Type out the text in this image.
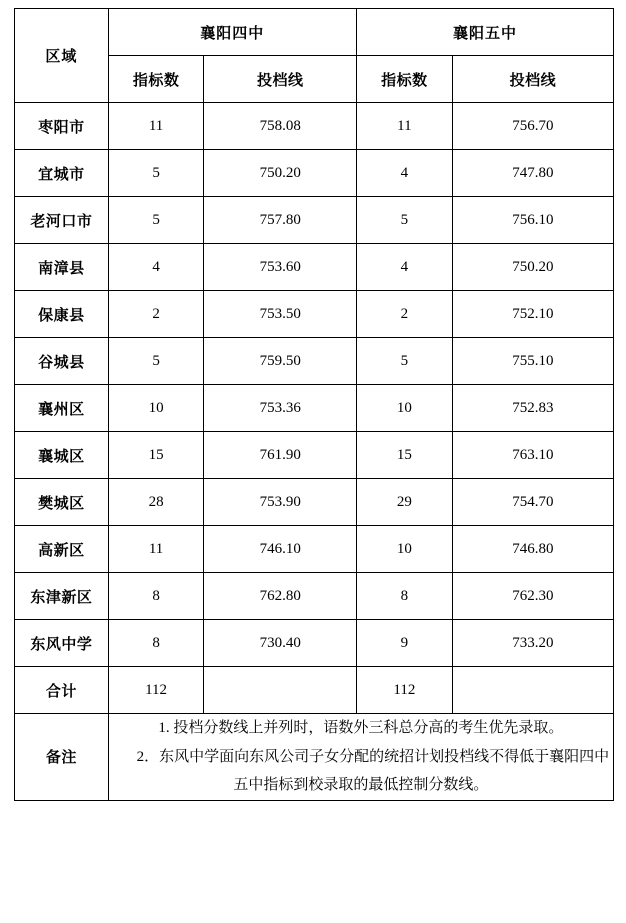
区域	襄阳四中		襄阳五中	
	指标数	投档线	指标数	投档线
枣阳市	11	758.08	11	756.70
宜城市	5	750.20	4	747.80
老河口市	5	757.80	5	756.10
南漳县	4	753.60	4	750.20
保康县	2	753.50	2	752.10
谷城县	5	759.50	5	755.10
襄州区	10	753.36	10	752.83
襄城区	15	761.90	15	763.10
樊城区	28	753.90	29	754.70
高新区	11	746.10	10	746.80
东津新区	8	762.80	8	762.30
东风中学	8	730.40	9	733.20
合计	112		112	
备注	1. 投档分数线上并列时，语数外三科总分高的考生优先录取。

2．东风中学面向东风公司子女分配的统招计划投档线不得低于襄阳四中五中指标到校录取的最低控制分数线。			
